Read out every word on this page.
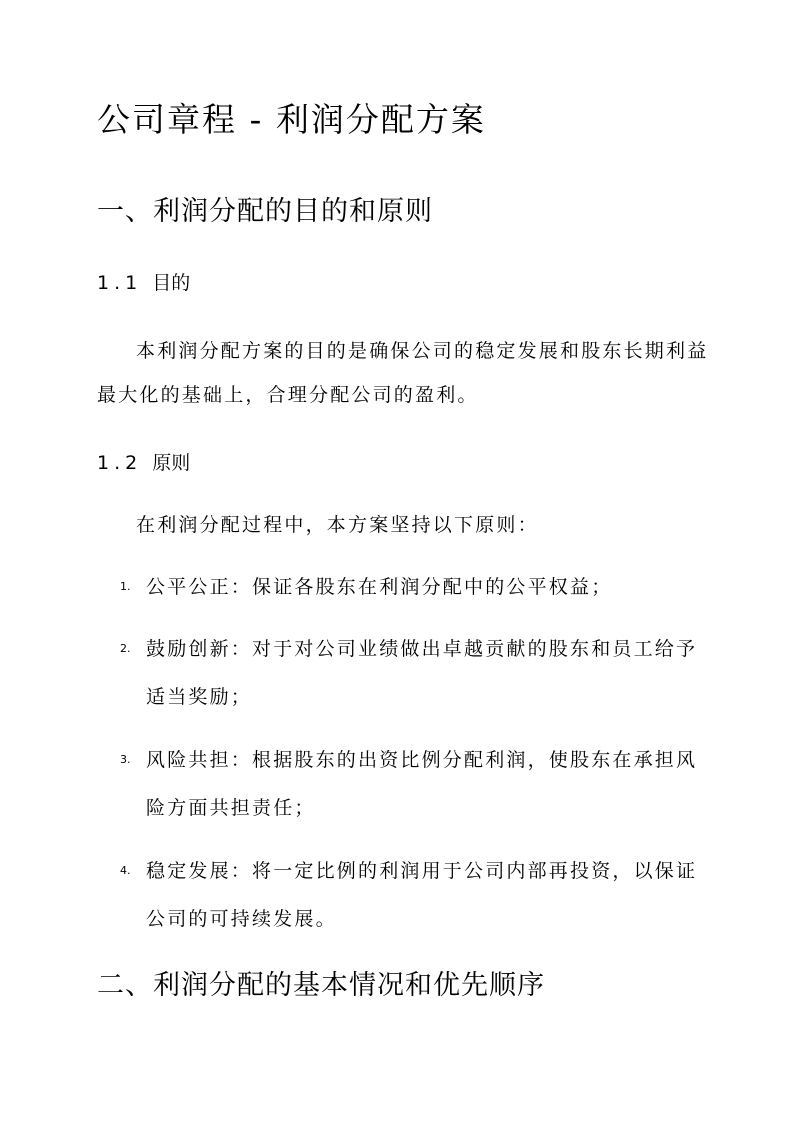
公司章程 - 利润分配方案
一、利润分配的目的和原则
1.1 目的
本利润分配方案的目的是确保公司的稳定发展和股东长期利益
最大化的基础上，合理分配公司的盈利。
1.2 原则
在利润分配过程中，本方案坚持以下原则：
1. 公平公正：保证各股东在利润分配中的公平权益；
2. 鼓励创新：对于对公司业绩做出卓越贡献的股东和员工给予
适当奖励；
3. 风险共担：根据股东的出资比例分配利润，使股东在承担风
险方面共担责任；
4. 稳定发展：将一定比例的利润用于公司内部再投资，以保证
公司的可持续发展。
二、利润分配的基本情况和优先顺序
